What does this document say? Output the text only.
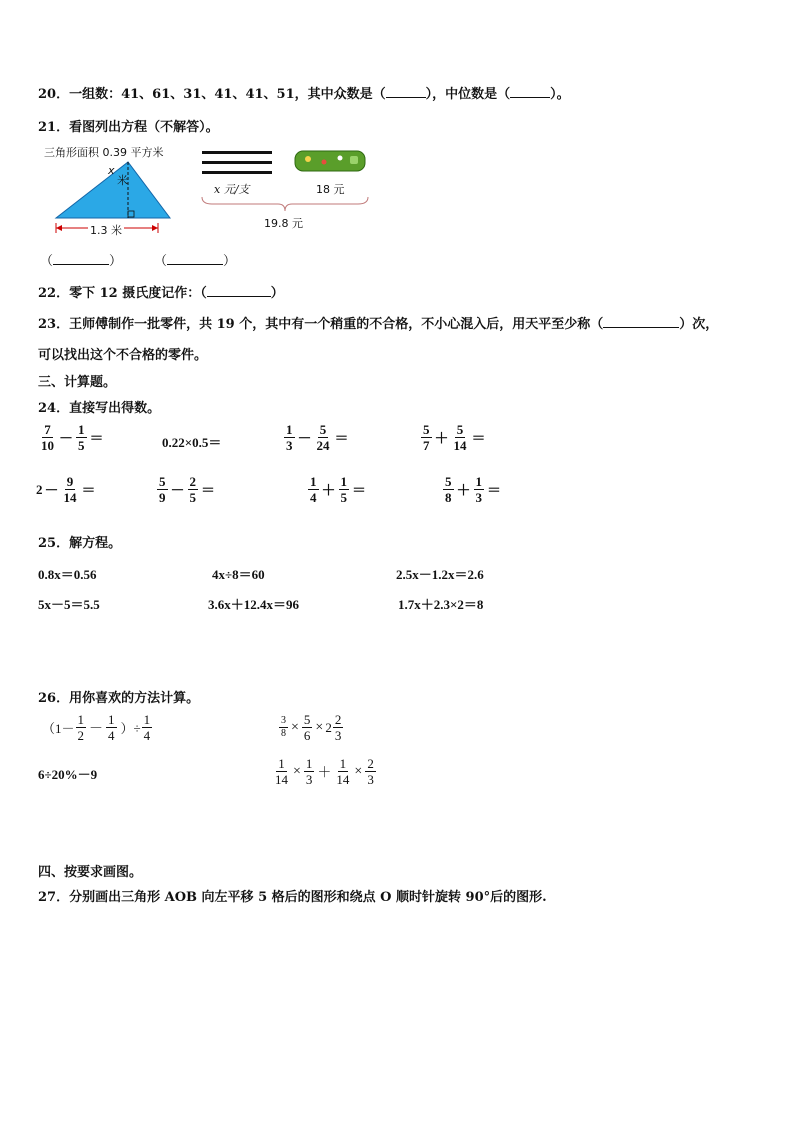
20．一组数：41、61、31、41、41、51，其中众数是（	），中位数是（	）。
21．看图列出方程（不解答）。
三角形面积 0.39 平方米
x
米
1.3 米
x 元/支	18 元
19.8 元
（	） （	）
22．零下 12 摄氏度记作：（	）
23．王师傅制作一批零件，共 19 个，其中有一个稍重的不合格，不小心混入后，用天平至少称（	）次，
可以找出这个不合格的零件。
三、计算题。
24．直接写出得数。
$\frac{7}{10} - \frac{1}{5}$ ＝	0.22×0.5＝	$\frac{1}{3} - \frac{5}{24}$ ＝	$\frac{5}{7} + \frac{5}{14}$ ＝
$2 - \frac{9}{14}$ ＝	$\frac{5}{9} - \frac{2}{5}$ ＝	$\frac{1}{4} + \frac{1}{5}$ ＝	$\frac{5}{8} + \frac{1}{3}$ ＝
25．解方程。
0.8x＝0.56	4x÷8＝60	2.5x－1.2x＝2.6
5x－5＝5.5	3.6x＋12.4x＝96	1.7x＋2.3×2＝8
26．用你喜欢的方法计算。
（$1- \frac{1}{2} - \frac{1}{4}$ ）÷ $\frac{1}{4}$	$\frac{3}{8} \times \frac{5}{6} \times 2 \frac{2}{3}$
6÷20%－9	$\frac{1}{14} \times \frac{1}{3} + \frac{1}{14} \times \frac{2}{3}$
四、按要求画图。
27．分别画出三角形 AOB 向左平移 5 格后的图形和绕点 O 顺时针旋转 90°后的图形.
